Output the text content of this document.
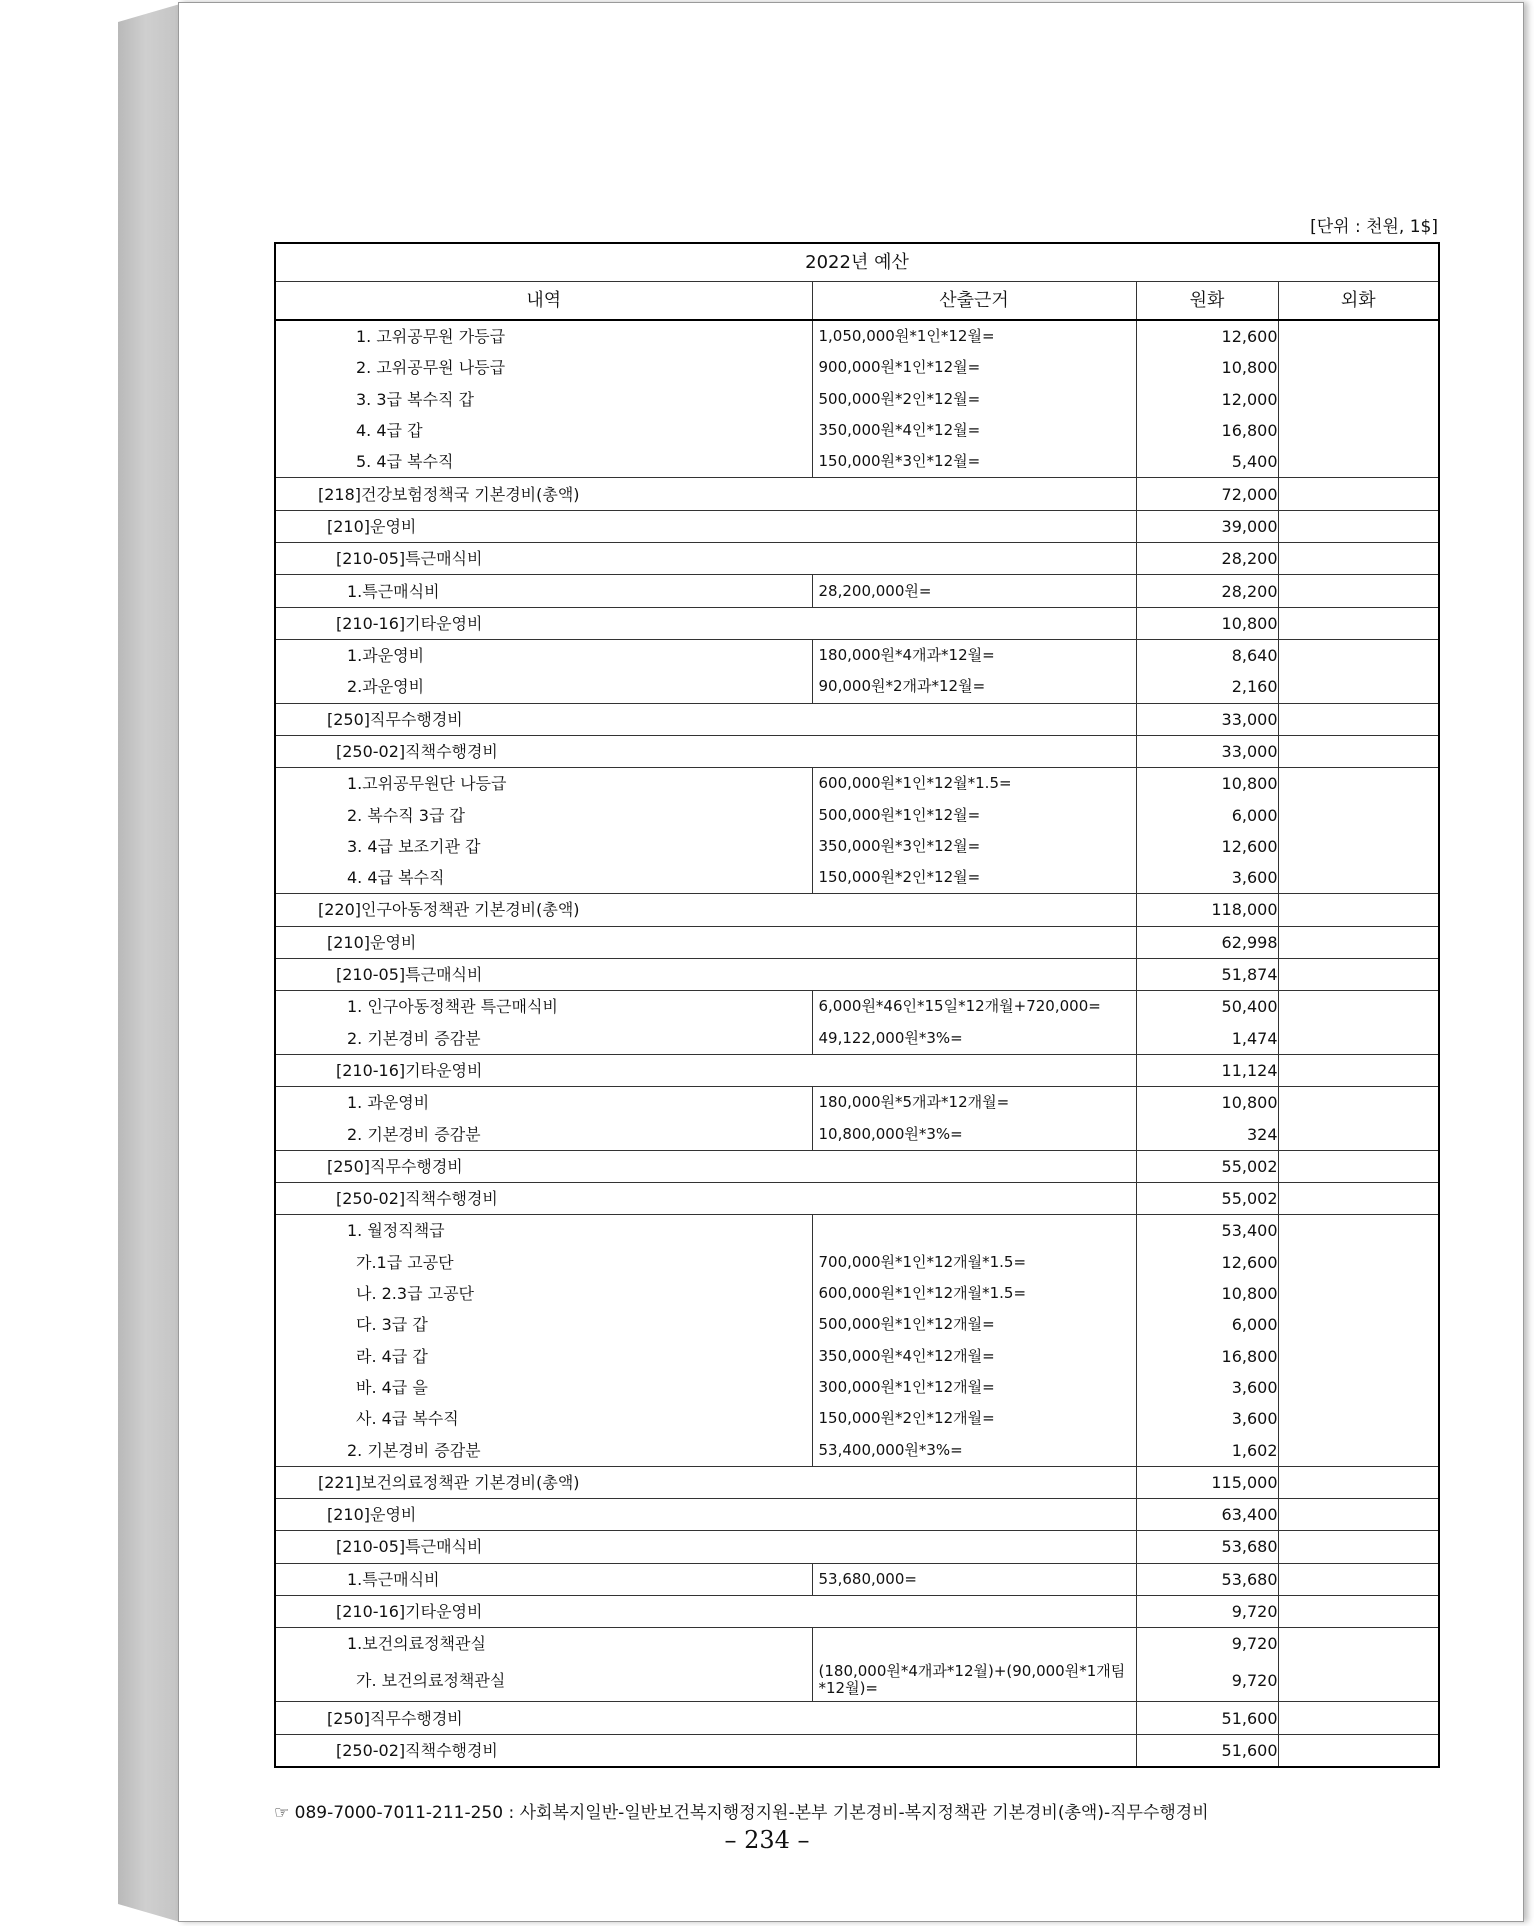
[단위 : 천원, 1$]
2022년 예산			
내역	산출근거	원화	외화
1. 고위공무원 가등급	1,050,000원*1인*12월=	12,600	
2. 고위공무원 나등급	900,000원*1인*12월=	10,800	
3. 3급 복수직 갑	500,000원*2인*12월=	12,000	
4. 4급 갑	350,000원*4인*12월=	16,800	
5. 4급 복수직	150,000원*3인*12월=	5,400	
[218]건강보험정책국 기본경비(총액)		72,000	
[210]운영비		39,000	
[210-05]특근매식비		28,200	
1.특근매식비	28,200,000원=	28,200	
[210-16]기타운영비		10,800	
1.과운영비	180,000원*4개과*12월=	8,640	
2.과운영비	90,000원*2개과*12월=	2,160	
[250]직무수행경비		33,000	
[250-02]직책수행경비		33,000	
1.고위공무원단 나등급	600,000원*1인*12월*1.5=	10,800	
2. 복수직 3급 갑	500,000원*1인*12월=	6,000	
3. 4급 보조기관 갑	350,000원*3인*12월=	12,600	
4. 4급 복수직	150,000원*2인*12월=	3,600	
[220]인구아동정책관 기본경비(총액)		118,000	
[210]운영비		62,998	
[210-05]특근매식비		51,874	
1. 인구아동정책관 특근매식비	6,000원*46인*15일*12개월+720,000=	50,400	
2. 기본경비 증감분	49,122,000원*3%=	1,474	
[210-16]기타운영비		11,124	
1. 과운영비	180,000원*5개과*12개월=	10,800	
2. 기본경비 증감분	10,800,000원*3%=	324	
[250]직무수행경비		55,002	
[250-02]직책수행경비		55,002	
1. 월정직책급		53,400	
가.1급 고공단	700,000원*1인*12개월*1.5=	12,600	
나. 2.3급 고공단	600,000원*1인*12개월*1.5=	10,800	
다. 3급 갑	500,000원*1인*12개월=	6,000	
라. 4급 갑	350,000원*4인*12개월=	16,800	
바. 4급 을	300,000원*1인*12개월=	3,600	
사. 4급 복수직	150,000원*2인*12개월=	3,600	
2. 기본경비 증감분	53,400,000원*3%=	1,602	
[221]보건의료정책관 기본경비(총액)		115,000	
[210]운영비		63,400	
[210-05]특근매식비		53,680	
1.특근매식비	53,680,000=	53,680	
[210-16]기타운영비		9,720	
1.보건의료정책관실		9,720	
가. 보건의료정책관실	(180,000원*4개과*12월)+(90,000원*1개팀*12월)=	9,720	
[250]직무수행경비		51,600	
[250-02]직책수행경비		51,600	
☞ 089-7000-7011-211-250 : 사회복지일반-일반보건복지행정지원-본부 기본경비-복지정책관 기본경비(총액)-직무수행경비
– 234 –
